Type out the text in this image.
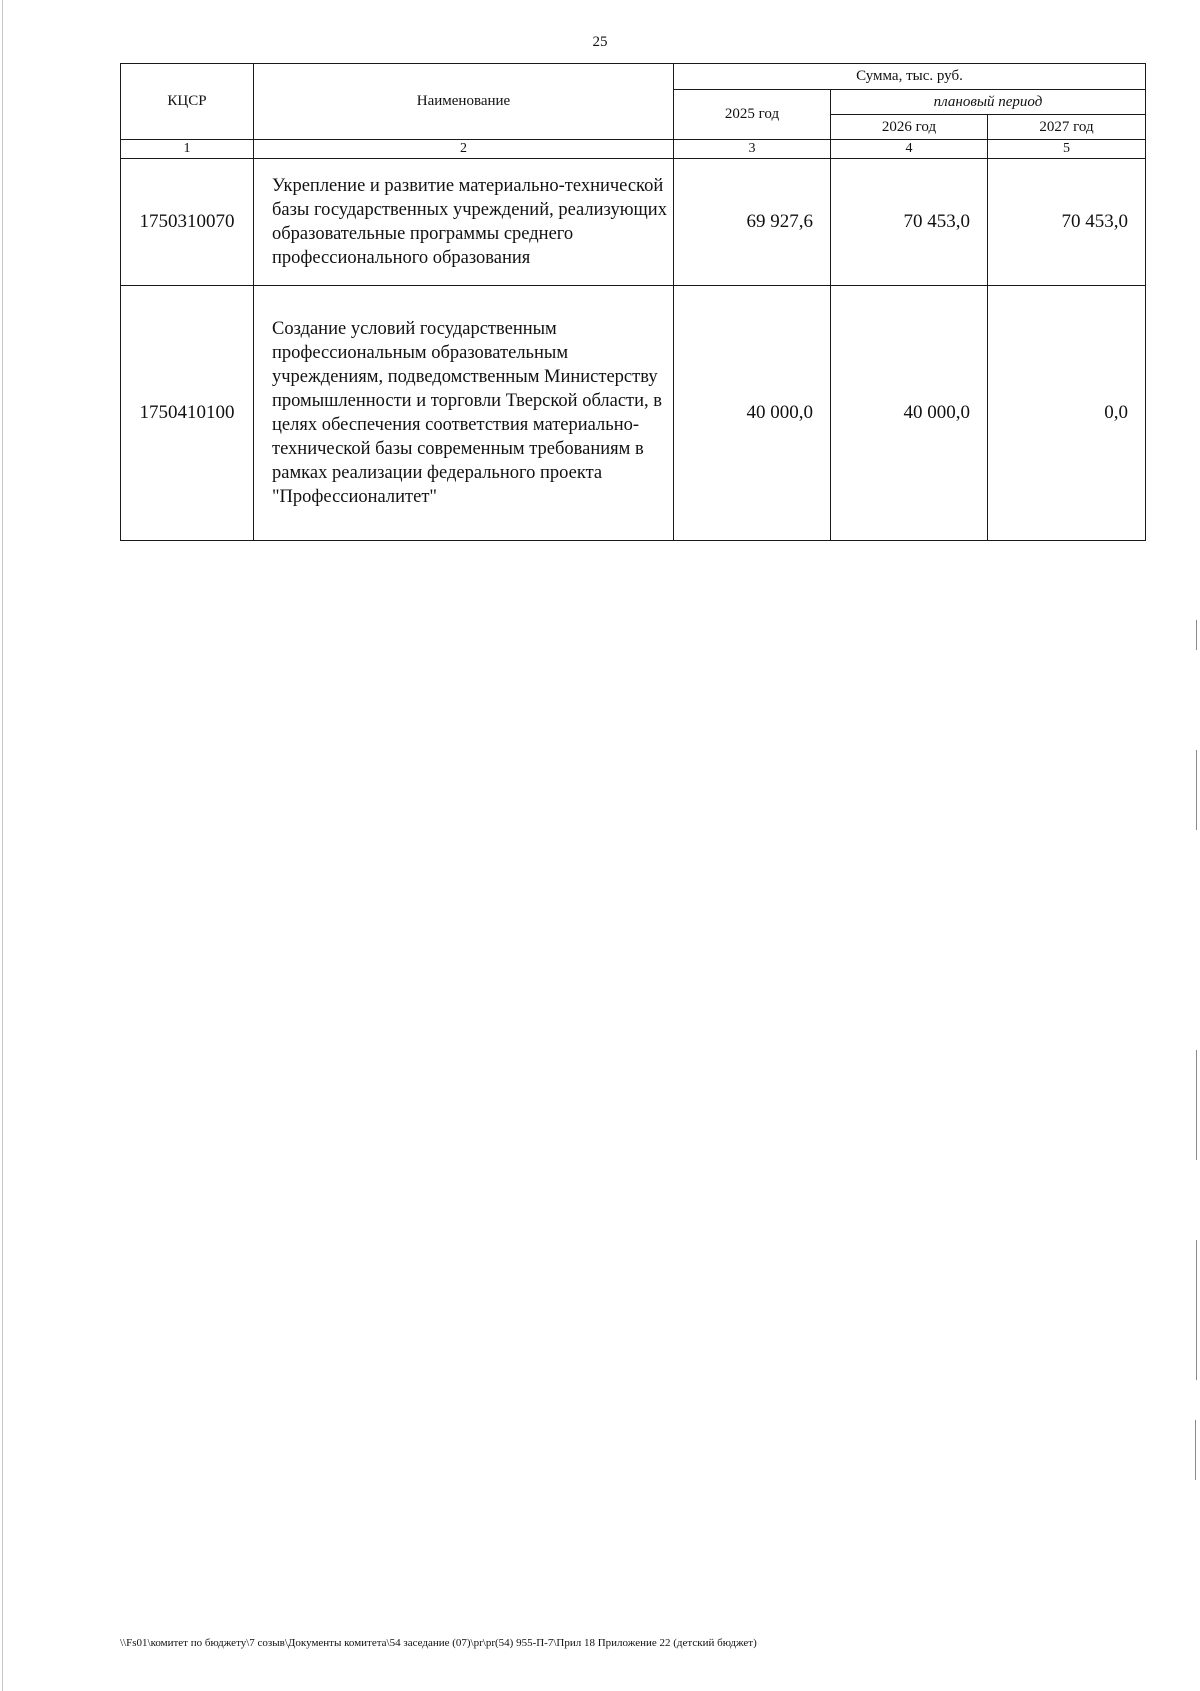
25
КЦСР	Наименование	Сумма, тыс. руб.		
		2025 год	плановый период	
			2026 год	2027 год
1	2	3	4	5
1750310070	Укрепление и развитие материально-технической базы государственных учреждений, реализующих образовательные программы среднего профессионального образования	69 927,6	70 453,0	70 453,0
1750410100	Создание условий государственным профессиональным образовательным учреждениям, подведомственным Министерству промышленности и торговли Тверской области, в целях обеспечения соответствия материально-технической базы современным требованиям в рамках реализации федерального проекта "Профессионалитет"	40 000,0	40 000,0	0,0
\\Fs01\комитет по бюджету\7 созыв\Документы комитета\54 заседание (07)\pr\pr(54) 955-П-7\Прил 18 Приложение 22 (детский бюджет)
